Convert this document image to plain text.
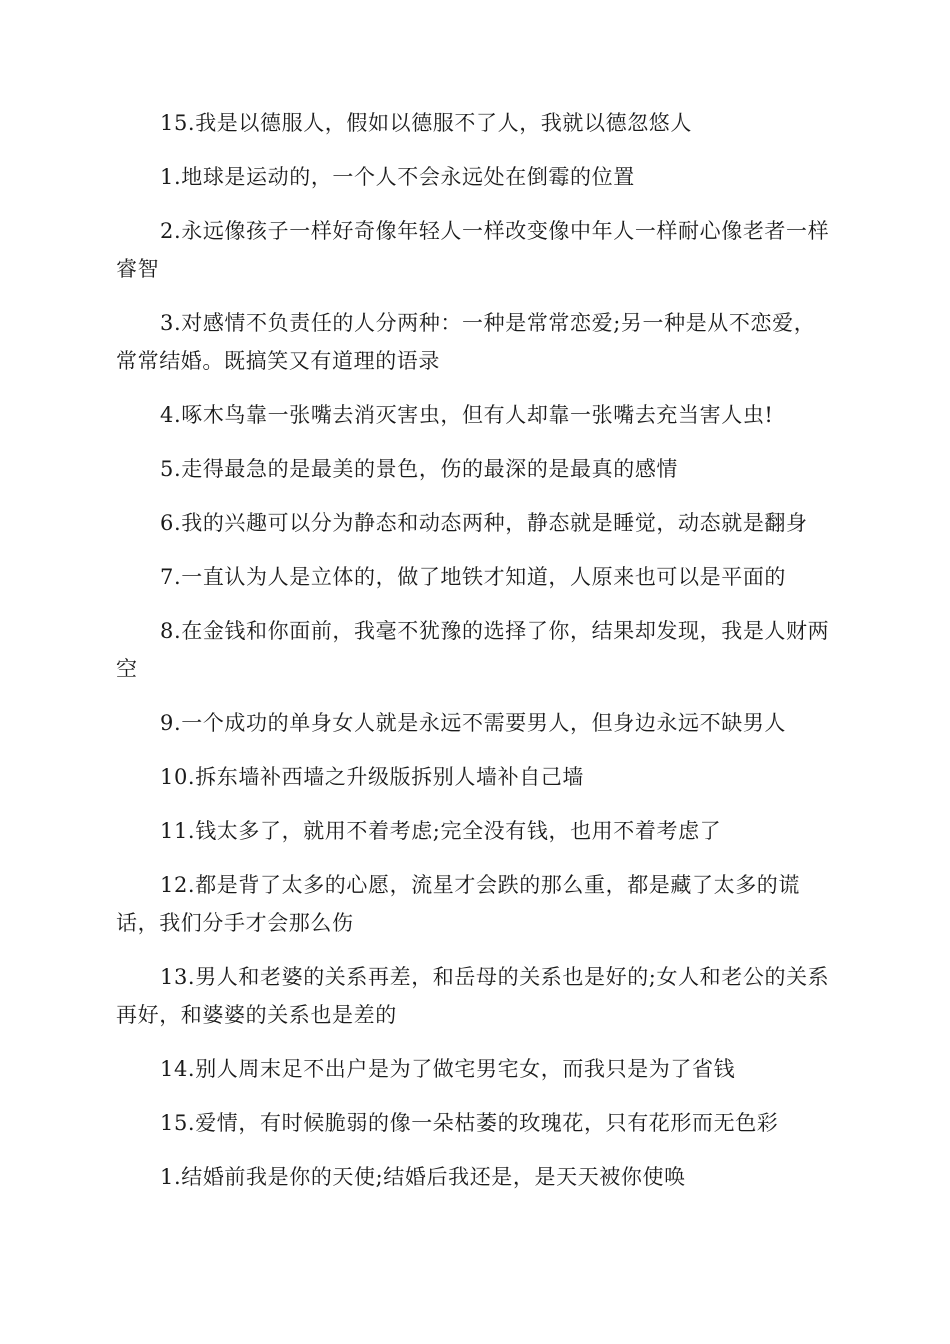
15.我是以德服人，假如以德服不了人，我就以德忽悠人

1.地球是运动的，一个人不会永远处在倒霉的位置

2.永远像孩子一样好奇像年轻人一样改变像中年人一样耐心像老者一样睿智

3.对感情不负责任的人分两种：一种是常常恋爱;另一种是从不恋爱，常常结婚。既搞笑又有道理的语录

4.啄木鸟靠一张嘴去消灭害虫，但有人却靠一张嘴去充当害人虫!

5.走得最急的是最美的景色，伤的最深的是最真的感情

6.我的兴趣可以分为静态和动态两种，静态就是睡觉，动态就是翻身

7.一直认为人是立体的，做了地铁才知道，人原来也可以是平面的

8.在金钱和你面前，我毫不犹豫的选择了你，结果却发现，我是人财两空

9.一个成功的单身女人就是永远不需要男人，但身边永远不缺男人

10.拆东墙补西墙之升级版拆别人墙补自己墙

11.钱太多了，就用不着考虑;完全没有钱，也用不着考虑了

12.都是背了太多的心愿，流星才会跌的那么重，都是藏了太多的谎话，我们分手才会那么伤

13.男人和老婆的关系再差，和岳母的关系也是好的;女人和老公的关系再好，和婆婆的关系也是差的

14.别人周末足不出户是为了做宅男宅女，而我只是为了省钱

15.爱情，有时候脆弱的像一朵枯萎的玫瑰花，只有花形而无色彩

1.结婚前我是你的天使;结婚后我还是，是天天被你使唤
